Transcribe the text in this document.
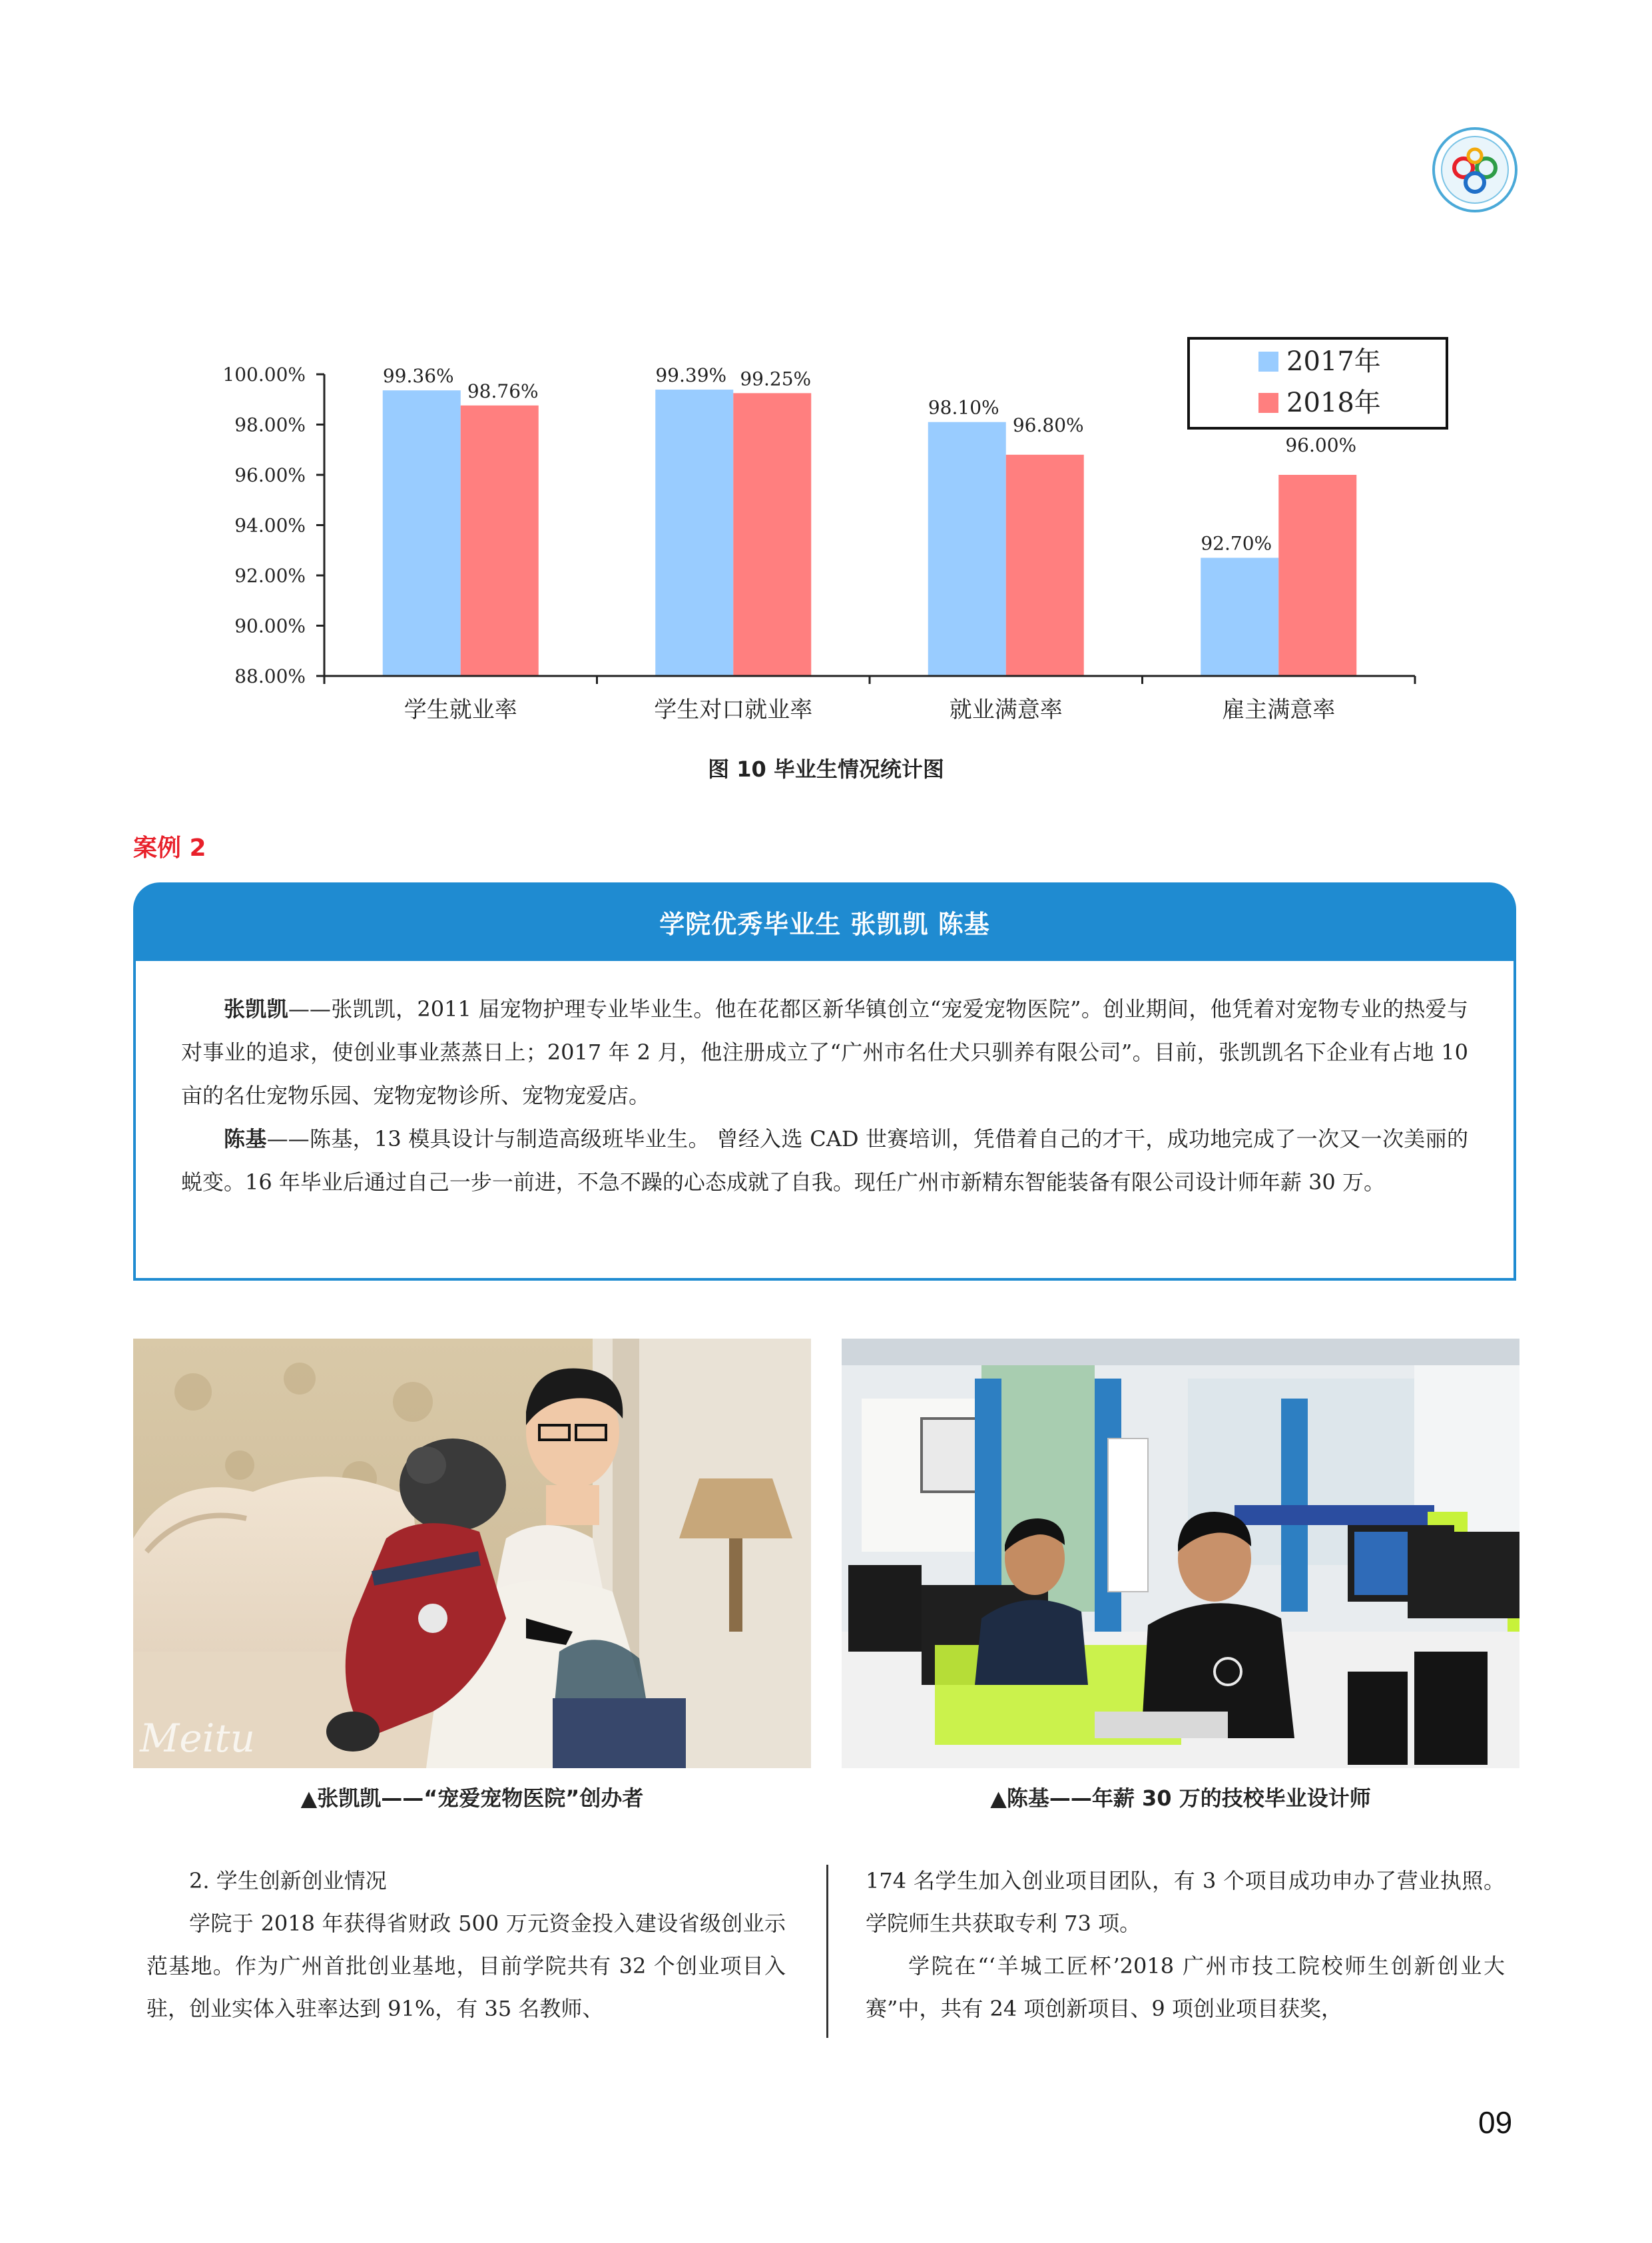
100.00%
98.00%
96.00%
94.00%
92.00%
90.00%
88.00%
99.36%
98.76%
99.39% 99.25%
98.10%
96.80%
92.70%
96.00%
学生就业率	学生对口就业率	就业满意率	雇主满意率
2017年
2018年
图 10 毕业生情况统计图
案例 2
学院优秀毕业生 张凯凯 陈基

张凯凯——张凯凯，2011 届宠物护理专业毕业生。他在花都区新华镇创立“宠爱宠物医院”。创业期间，他凭着对宠物专业的热爱与对事业的追求，使创业事业蒸蒸日上；2017 年 2 月，他注册成立了“广州市名仕犬只驯养有限公司”。目前，张凯凯名下企业有占地 10 亩的名仕宠物乐园、宠物宠物诊所、宠物宠爱店。

陈基——陈基，13 模具设计与制造高级班毕业生。 曾经入选 CAD 世赛培训，凭借着自己的才干，成功地完成了一次又一次美丽的蜕变。16 年毕业后通过自己一步一前进，不急不躁的心态成就了自我。现任广州市新精东智能装备有限公司设计师年薪 30 万。

Meitu
▲张凯凯——“宠爱宠物医院”创办者	▲陈基——年薪 30 万的技校毕业设计师

2. 学生创新创业情况

学院于 2018 年获得省财政 500 万元资金投入建设省级创业示范基地。作为广州首批创业基地，目前学院共有 32 个创业项目入驻，创业实体入驻率达到 91%，有 35 名教师、

174 名学生加入创业项目团队，有 3 个项目成功申办了营业执照。学院师生共获取专利 73 项。

学院在“‘羊城工匠杯’2018 广州市技工院校师生创新创业大赛”中，共有 24 项创新项目、9 项创业项目获奖，

09
